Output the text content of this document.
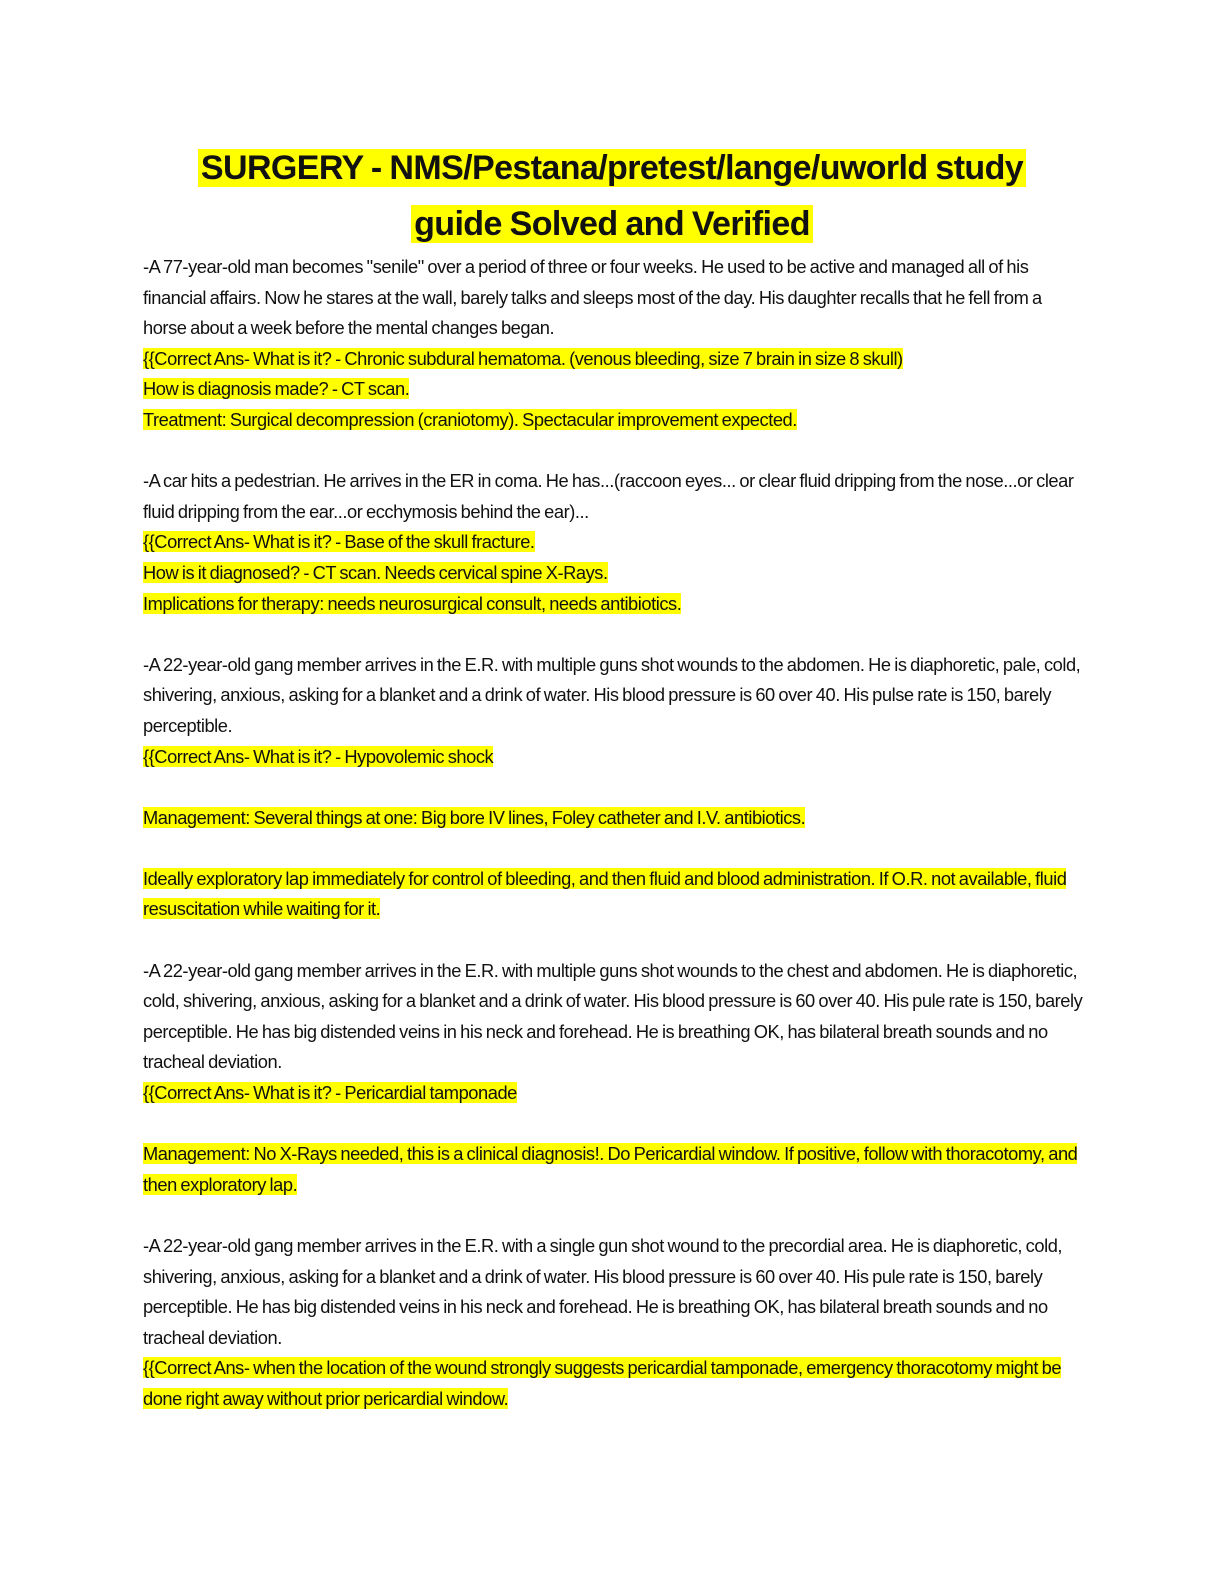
SURGERY - NMS/Pestana/pretest/lange/uworld study
guide Solved and Verified

-A 77-year-old man becomes "senile" over a period of three or four weeks. He used to be active and managed all of his financial affairs. Now he stares at the wall, barely talks and sleeps most of the day. His daughter recalls that he fell from a horse about a week before the mental changes began.

{{Correct Ans- What is it? - Chronic subdural hematoma. (venous bleeding, size 7 brain in size 8 skull)

How is diagnosis made? - CT scan.

Treatment: Surgical decompression (craniotomy). Spectacular improvement expected.

-A car hits a pedestrian. He arrives in the ER in coma. He has...(raccoon eyes... or clear fluid dripping from the nose...or clear fluid dripping from the ear...or ecchymosis behind the ear)...

{{Correct Ans- What is it? - Base of the skull fracture.

How is it diagnosed? - CT scan. Needs cervical spine X-Rays.

Implications for therapy: needs neurosurgical consult, needs antibiotics.

-A 22-year-old gang member arrives in the E.R. with multiple guns shot wounds to the abdomen. He is diaphoretic, pale, cold, shivering, anxious, asking for a blanket and a drink of water. His blood pressure is 60 over 40. His pulse rate is 150, barely perceptible.

{{Correct Ans- What is it? - Hypovolemic shock

Management: Several things at one: Big bore IV lines, Foley catheter and I.V. antibiotics.

Ideally exploratory lap immediately for control of bleeding, and then fluid and blood administration. If O.R. not available, fluid resuscitation while waiting for it.

-A 22-year-old gang member arrives in the E.R. with multiple guns shot wounds to the chest and abdomen. He is diaphoretic, cold, shivering, anxious, asking for a blanket and a drink of water. His blood pressure is 60 over 40. His pule rate is 150, barely perceptible. He has big distended veins in his neck and forehead. He is breathing OK, has bilateral breath sounds and no tracheal deviation.

{{Correct Ans- What is it? - Pericardial tamponade

Management: No X-Rays needed, this is a clinical diagnosis!. Do Pericardial window. If positive, follow with thoracotomy, and then exploratory lap.

-A 22-year-old gang member arrives in the E.R. with a single gun shot wound to the precordial area. He is diaphoretic, cold, shivering, anxious, asking for a blanket and a drink of water. His blood pressure is 60 over 40. His pule rate is 150, barely perceptible. He has big distended veins in his neck and forehead. He is breathing OK, has bilateral breath sounds and no tracheal deviation.

{{Correct Ans- when the location of the wound strongly suggests pericardial tamponade, emergency thoracotomy might be done right away without prior pericardial window.
